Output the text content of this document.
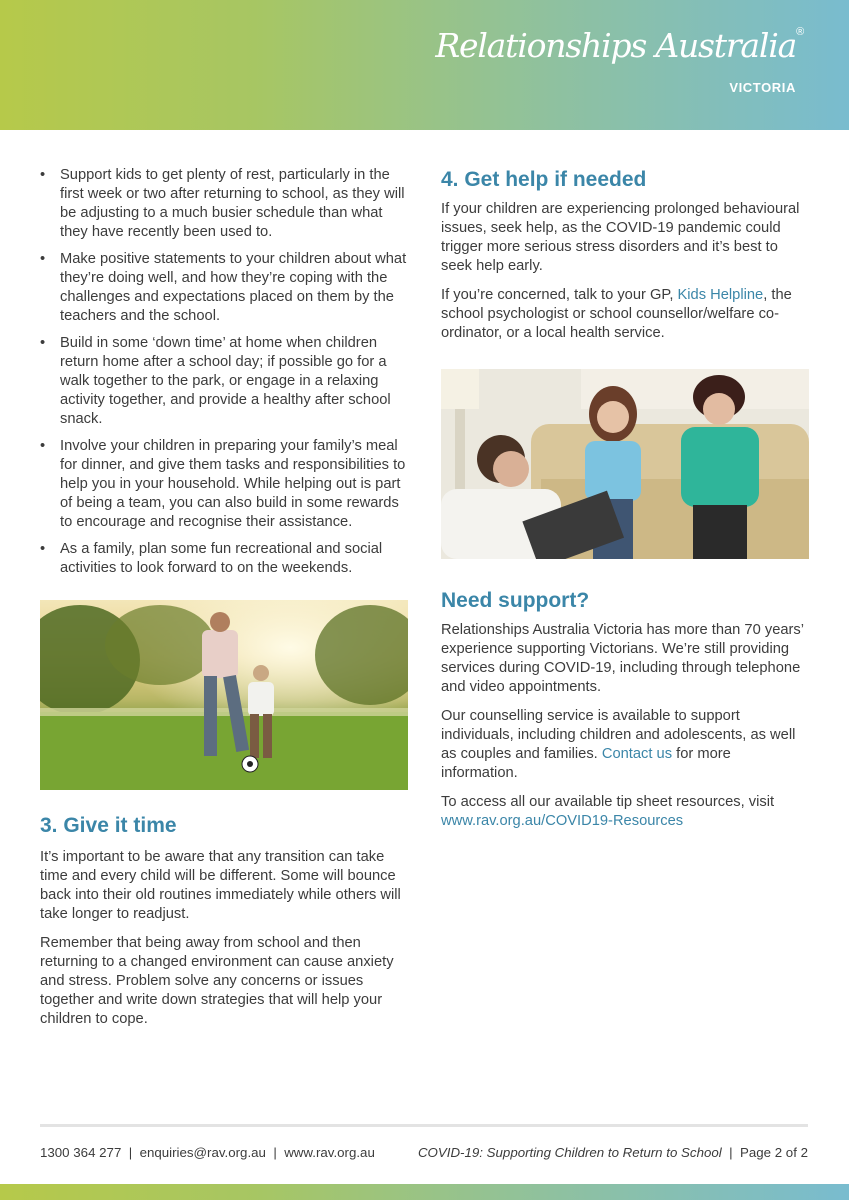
Relationships Australia®
VICTORIA
• Support kids to get plenty of rest, particularly in the first week or two after returning to school, as they will be adjusting to a much busier schedule than what they have recently been used to.
• Make positive statements to your children about what they’re doing well, and how they’re coping with the challenges and expectations placed on them by the teachers and the school.
• Build in some ‘down time’ at home when children return home after a school day; if possible go for a walk together to the park, or engage in a relaxing activity together, and provide a healthy after school snack.
• Involve your children in preparing your family’s meal for dinner, and give them tasks and responsibilities to help you in your household. While helping out is part of being a team, you can also build in some rewards to encourage and recognise their assistance.
• As a family, plan some fun recreational and social activities to look forward to on the weekends.
3. Give it time

It’s important to be aware that any transition can take time and every child will be different. Some will bounce back into their old routines immediately while others will take longer to readjust.

Remember that being away from school and then returning to a changed environment can cause anxiety and stress. Problem solve any concerns or issues together and write down strategies that will help your children to cope.

4. Get help if needed

If your children are experiencing prolonged behavioural issues, seek help, as the COVID-19 pandemic could trigger more serious stress disorders and it’s best to seek help early.

If you’re concerned, talk to your GP, Kids Helpline, the school psychologist or school counsellor/welfare co-ordinator, or a local health service.

Need support?

Relationships Australia Victoria has more than 70 years’ experience supporting Victorians. We’re still providing services during COVID-19, including through telephone and video appointments.

Our counselling service is available to support individuals, including children and adolescents, as well as couples and families. Contact us for more information.

To access all our available tip sheet resources, visit
www.rav.org.au/COVID19-Resources

1300 364 277 | enquiries@rav.org.au | www.rav.org.au	COVID-19: Supporting Children to Return to School | Page 2 of 2
